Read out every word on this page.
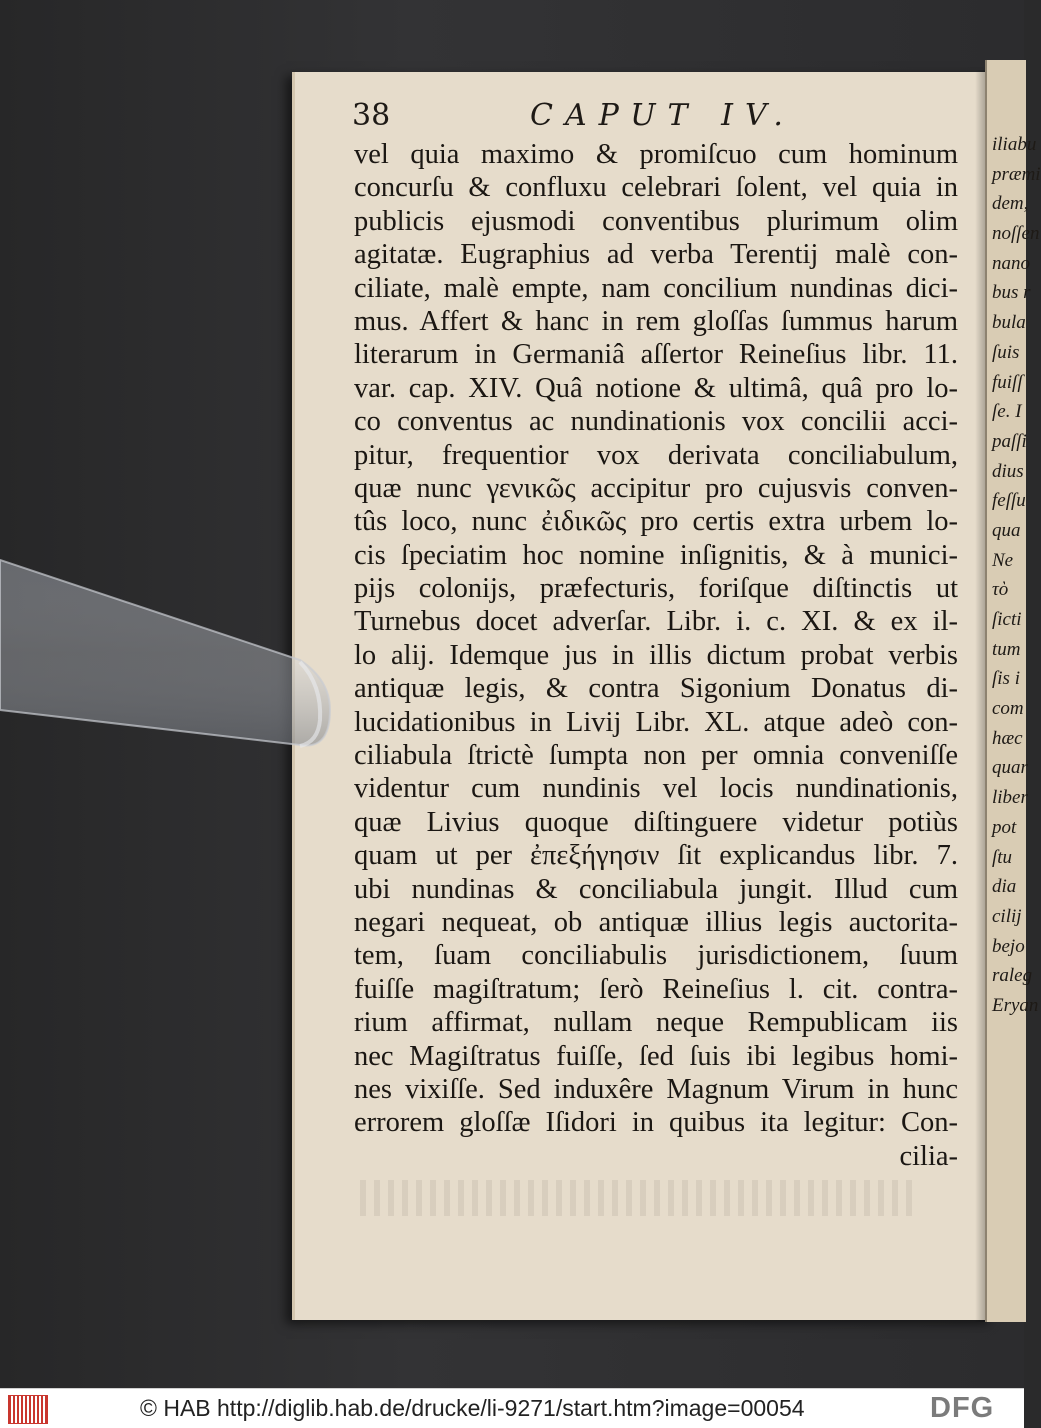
iliabu
præmi
dem,
noſſen
nano
bus r
bula
ſuis
fuiſſ
ſe. I
paſſi
dius
feſſu
qua
Ne
τὸ
ſicti
tum
ſis i
com
hæc
quar
liber
pot
ſtu
dia
cilij
bejo
raleg
Eryan
38	CAPUT IV.
vel quia maximo & promiſcuo cum hominum
concurſu & confluxu celebrari ſolent, vel quia in
publicis ejusmodi conventibus plurimum olim
agitatæ. Eugraphius ad verba Terentij malè con-
ciliate, malè empte, nam concilium nundinas dici-
mus. Affert & hanc in rem gloſſas ſummus harum
literarum in Germaniâ aſſertor Reineſius libr. 11.
var. cap. XIV. Quâ notione & ultimâ, quâ pro lo-
co conventus ac nundinationis vox concilii acci-
pitur, frequentior vox derivata conciliabulum,
quæ nunc γενικῶς accipitur pro cujusvis conven-
tûs loco, nunc ἐιδικῶς pro certis extra urbem lo-
cis ſpeciatim hoc nomine inſignitis, & à munici-
pijs colonijs, præfecturis, foriſque diſtinctis ut
Turnebus docet adverſar. Libr. i. c. XI. & ex il-
lo alij. Idemque jus in illis dictum probat verbis
antiquæ legis, & contra Sigonium Donatus di-
lucidationibus in Livij Libr. XL. atque adeò con-
ciliabula ſtrictè ſumpta non per omnia conveniſſe
videntur cum nundinis vel locis nundinationis,
quæ Livius quoque diſtinguere videtur potiùs
quam ut per ἐπεξήγησιν ſit explicandus libr. 7.
ubi nundinas & conciliabula jungit. Illud cum
negari nequeat, ob antiquæ illius legis auctorita-
tem, ſuam conciliabulis jurisdictionem, ſuum
fuiſſe magiſtratum; ſerò Reineſius l. cit. contra-
rium affirmat, nullam neque Rempublicam iis
nec Magiſtratus fuiſſe, ſed ſuis ibi legibus homi-
nes vixiſſe. Sed induxêre Magnum Virum in hunc
errorem gloſſæ Iſidori in quibus ita legitur: Con-
cilia-
© HAB http://diglib.hab.de/drucke/li-9271/start.htm?image=00054	DFG
